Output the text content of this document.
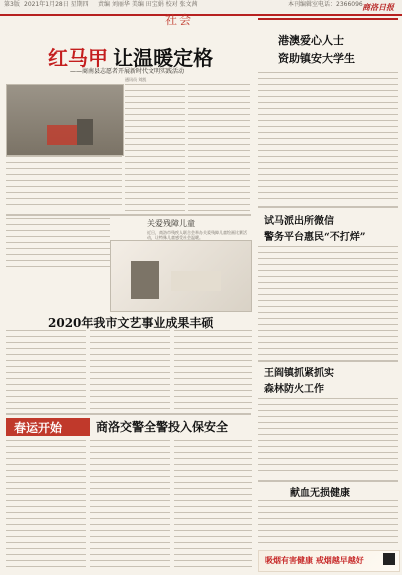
第3版 2021年1月28日 星期四 责编 刘丽华 美编 田宝娟 校对 张文茜	本刊编辑室电话：2366096 商洛日报
社会
红马甲 让温暖定格
——商南县志愿者开展新时代文明实践活动
通讯员 刘凯
关爱残障儿童
近日，商洛市残疾人联合会举办关爱残障儿童绘画比赛活动，让特殊儿童感受社会温暖。
2020年我市文艺事业成果丰硕
春运开始	商洛交警全警投入保安全
港澳爱心人士
资助镇安大学生
试马派出所微信
警务平台惠民“不打烊”
王阎镇抓紧抓实
森林防火工作
献血无损健康
吸烟有害健康 戒烟越早越好
